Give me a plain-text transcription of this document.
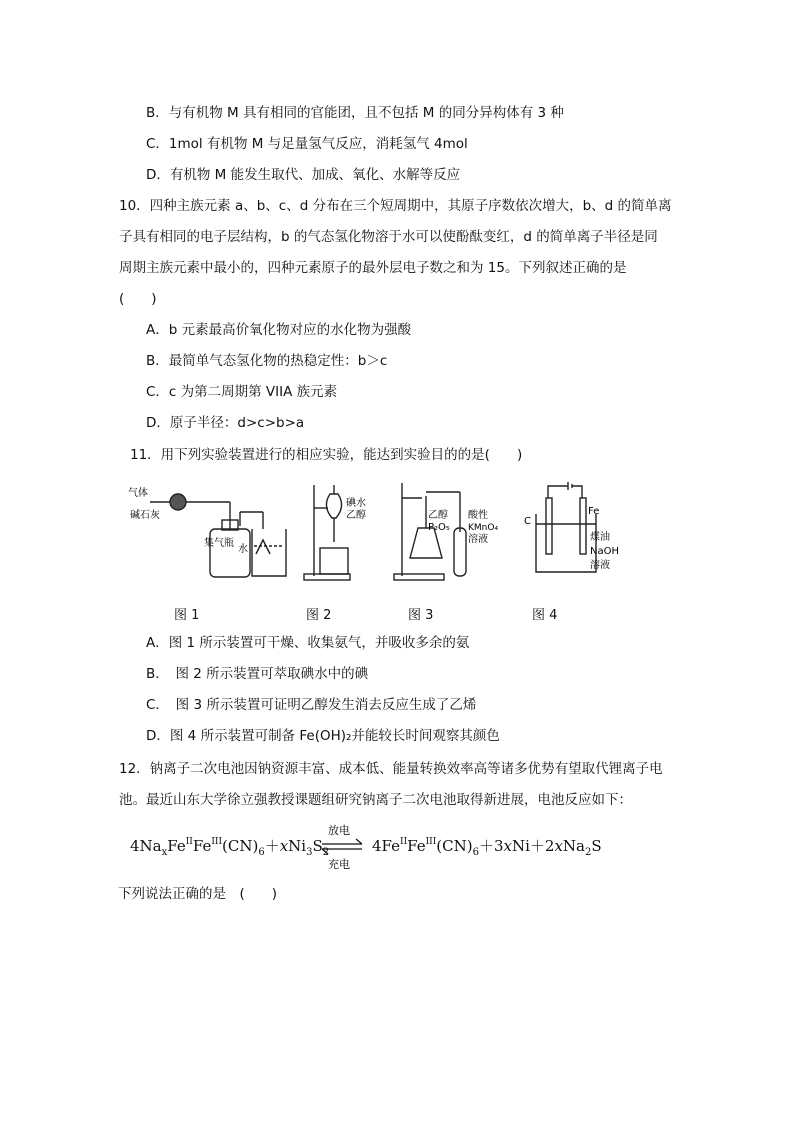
B．与有机物 M 具有相同的官能团，且不包括 M 的同分异构体有 3 种
C．1mol 有机物 M 与足量氢气反应，消耗氢气 4mol
D．有机物 M 能发生取代、加成、氧化、水解等反应
10．四种主族元素 a、b、c、d 分布在三个短周期中，其原子序数依次增大，b、d 的简单离
子具有相同的电子层结构，b 的气态氢化物溶于水可以使酚酞变红，d 的简单离子半径是同
周期主族元素中最小的，四种元素原子的最外层电子数之和为 15。下列叙述正确的是
(　　)
A．b 元素最高价氧化物对应的水化物为强酸
B．最简单气态氢化物的热稳定性：b＞c
C．c 为第二周期第 VIIA 族元素
D．原子半径：d>c>b>a
11．用下列实验装置进行的相应实验，能达到实验目的的是(　　)
气体
碱石灰
集气瓶
水
碘水
乙醇	乙醇
P₂O₅
酸性
KMnO₄
溶液
C
Fe
煤油
NaOH
溶液
图 1	图 2	图 3	图 4
A．图 1 所示装置可干燥、收集氨气，并吸收多余的氨
B．　图 2 所示装置可萃取碘水中的碘
C．　图 3 所示装置可证明乙醇发生消去反应生成了乙烯
D．图 4 所示装置可制备 Fe(OH)₂并能较长时间观察其颜色
12．钠离子二次电池因钠资源丰富、成本低、能量转换效率高等诸多优势有望取代锂离子电
池。最近山东大学徐立强教授课题组研究钠离子二次电池取得新进展，电池反应如下：
$4Na_xFe^{II}Fe^{III}(CN)_6+xNi_3S_2$
放电
充电
$4Fe^{II}Fe^{III}(CN)_6+3xNi+2xNa_2S$
下列说法正确的是　(　　)
